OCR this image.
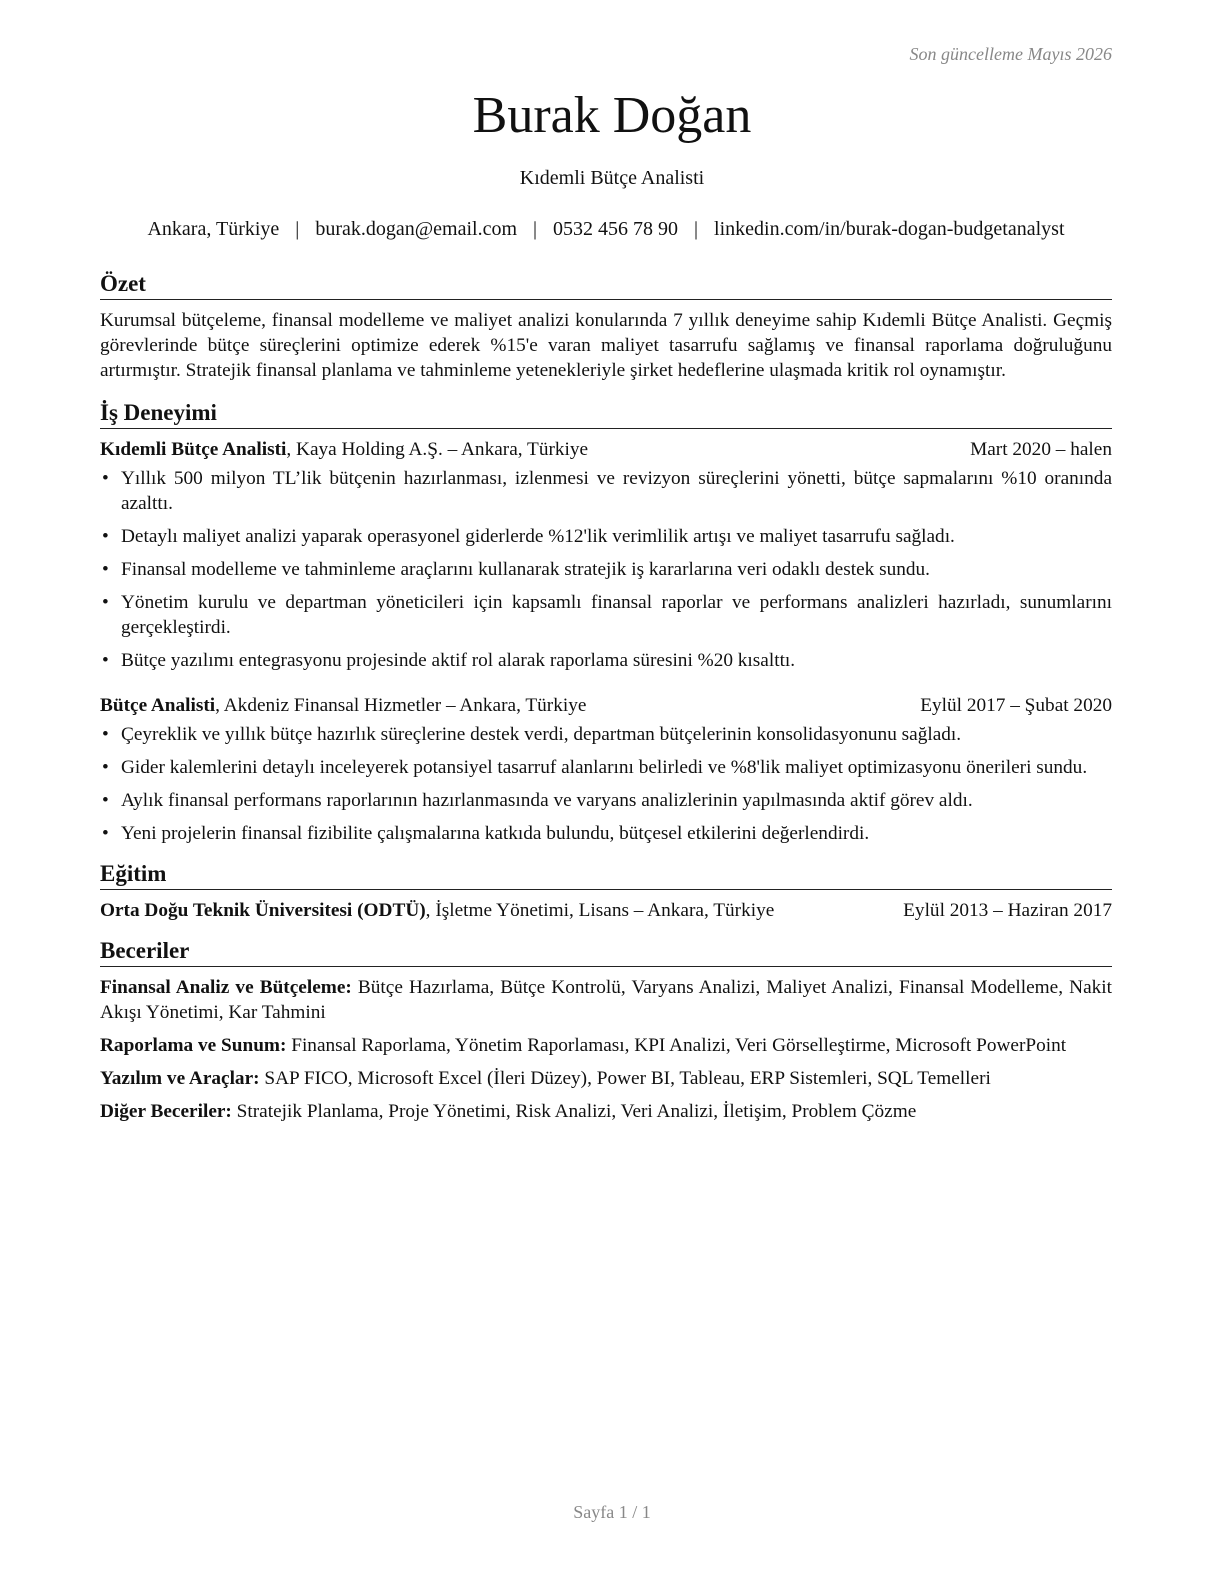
Son güncelleme Mayıs 2026
Burak Doğan
Kıdemli Bütçe Analisti
Ankara, Türkiye | burak.dogan@email.com | 0532 456 78 90 | linkedin.com/in/burak-dogan-budgetanalyst
Özet

Kurumsal bütçeleme, finansal modelleme ve maliyet analizi konularında 7 yıllık deneyime sahip Kıdemli Bütçe Analisti. Geçmiş görevlerinde bütçe süreçlerini optimize ederek %15'e varan maliyet tasarrufu sağlamış ve finansal raporlama doğruluğunu artırmıştır. Stratejik finansal planlama ve tahminleme yetenekleriyle şirket hedeflerine ulaşmada kritik rol oynamıştır.

İş Deneyimi
Kıdemli Bütçe Analisti, Kaya Holding A.Ş. – Ankara, Türkiye	Mart 2020 – halen
• Yıllık 500 milyon TL’lik bütçenin hazırlanması, izlenmesi ve revizyon süreçlerini yönetti, bütçe sapmalarını %10 oranında azalttı.
• Detaylı maliyet analizi yaparak operasyonel giderlerde %12'lik verimlilik artışı ve maliyet tasarrufu sağladı.
• Finansal modelleme ve tahminleme araçlarını kullanarak stratejik iş kararlarına veri odaklı destek sundu.
• Yönetim kurulu ve departman yöneticileri için kapsamlı finansal raporlar ve performans analizleri hazırladı, sunumlarını gerçekleştirdi.
• Bütçe yazılımı entegrasyonu projesinde aktif rol alarak raporlama süresini %20 kısalttı.
Bütçe Analisti, Akdeniz Finansal Hizmetler – Ankara, Türkiye	Eylül 2017 – Şubat 2020
• Çeyreklik ve yıllık bütçe hazırlık süreçlerine destek verdi, departman bütçelerinin konsolidasyonunu sağladı.
• Gider kalemlerini detaylı inceleyerek potansiyel tasarruf alanlarını belirledi ve %8'lik maliyet optimizasyonu önerileri sundu.
• Aylık finansal performans raporlarının hazırlanmasında ve varyans analizlerinin yapılmasında aktif görev aldı.
• Yeni projelerin finansal fizibilite çalışmalarına katkıda bulundu, bütçesel etkilerini değerlendirdi.
Eğitim
Orta Doğu Teknik Üniversitesi (ODTÜ), İşletme Yönetimi, Lisans – Ankara, Türkiye	Eylül 2013 – Haziran 2017
Beceriler

Finansal Analiz ve Bütçeleme: Bütçe Hazırlama, Bütçe Kontrolü, Varyans Analizi, Maliyet Analizi, Finansal Modelleme, Nakit Akışı Yönetimi, Kar Tahmini

Raporlama ve Sunum: Finansal Raporlama, Yönetim Raporlaması, KPI Analizi, Veri Görselleştirme, Microsoft PowerPoint

Yazılım ve Araçlar: SAP FICO, Microsoft Excel (İleri Düzey), Power BI, Tableau, ERP Sistemleri, SQL Temelleri

Diğer Beceriler: Stratejik Planlama, Proje Yönetimi, Risk Analizi, Veri Analizi, İletişim, Problem Çözme

Sayfa 1 / 1
